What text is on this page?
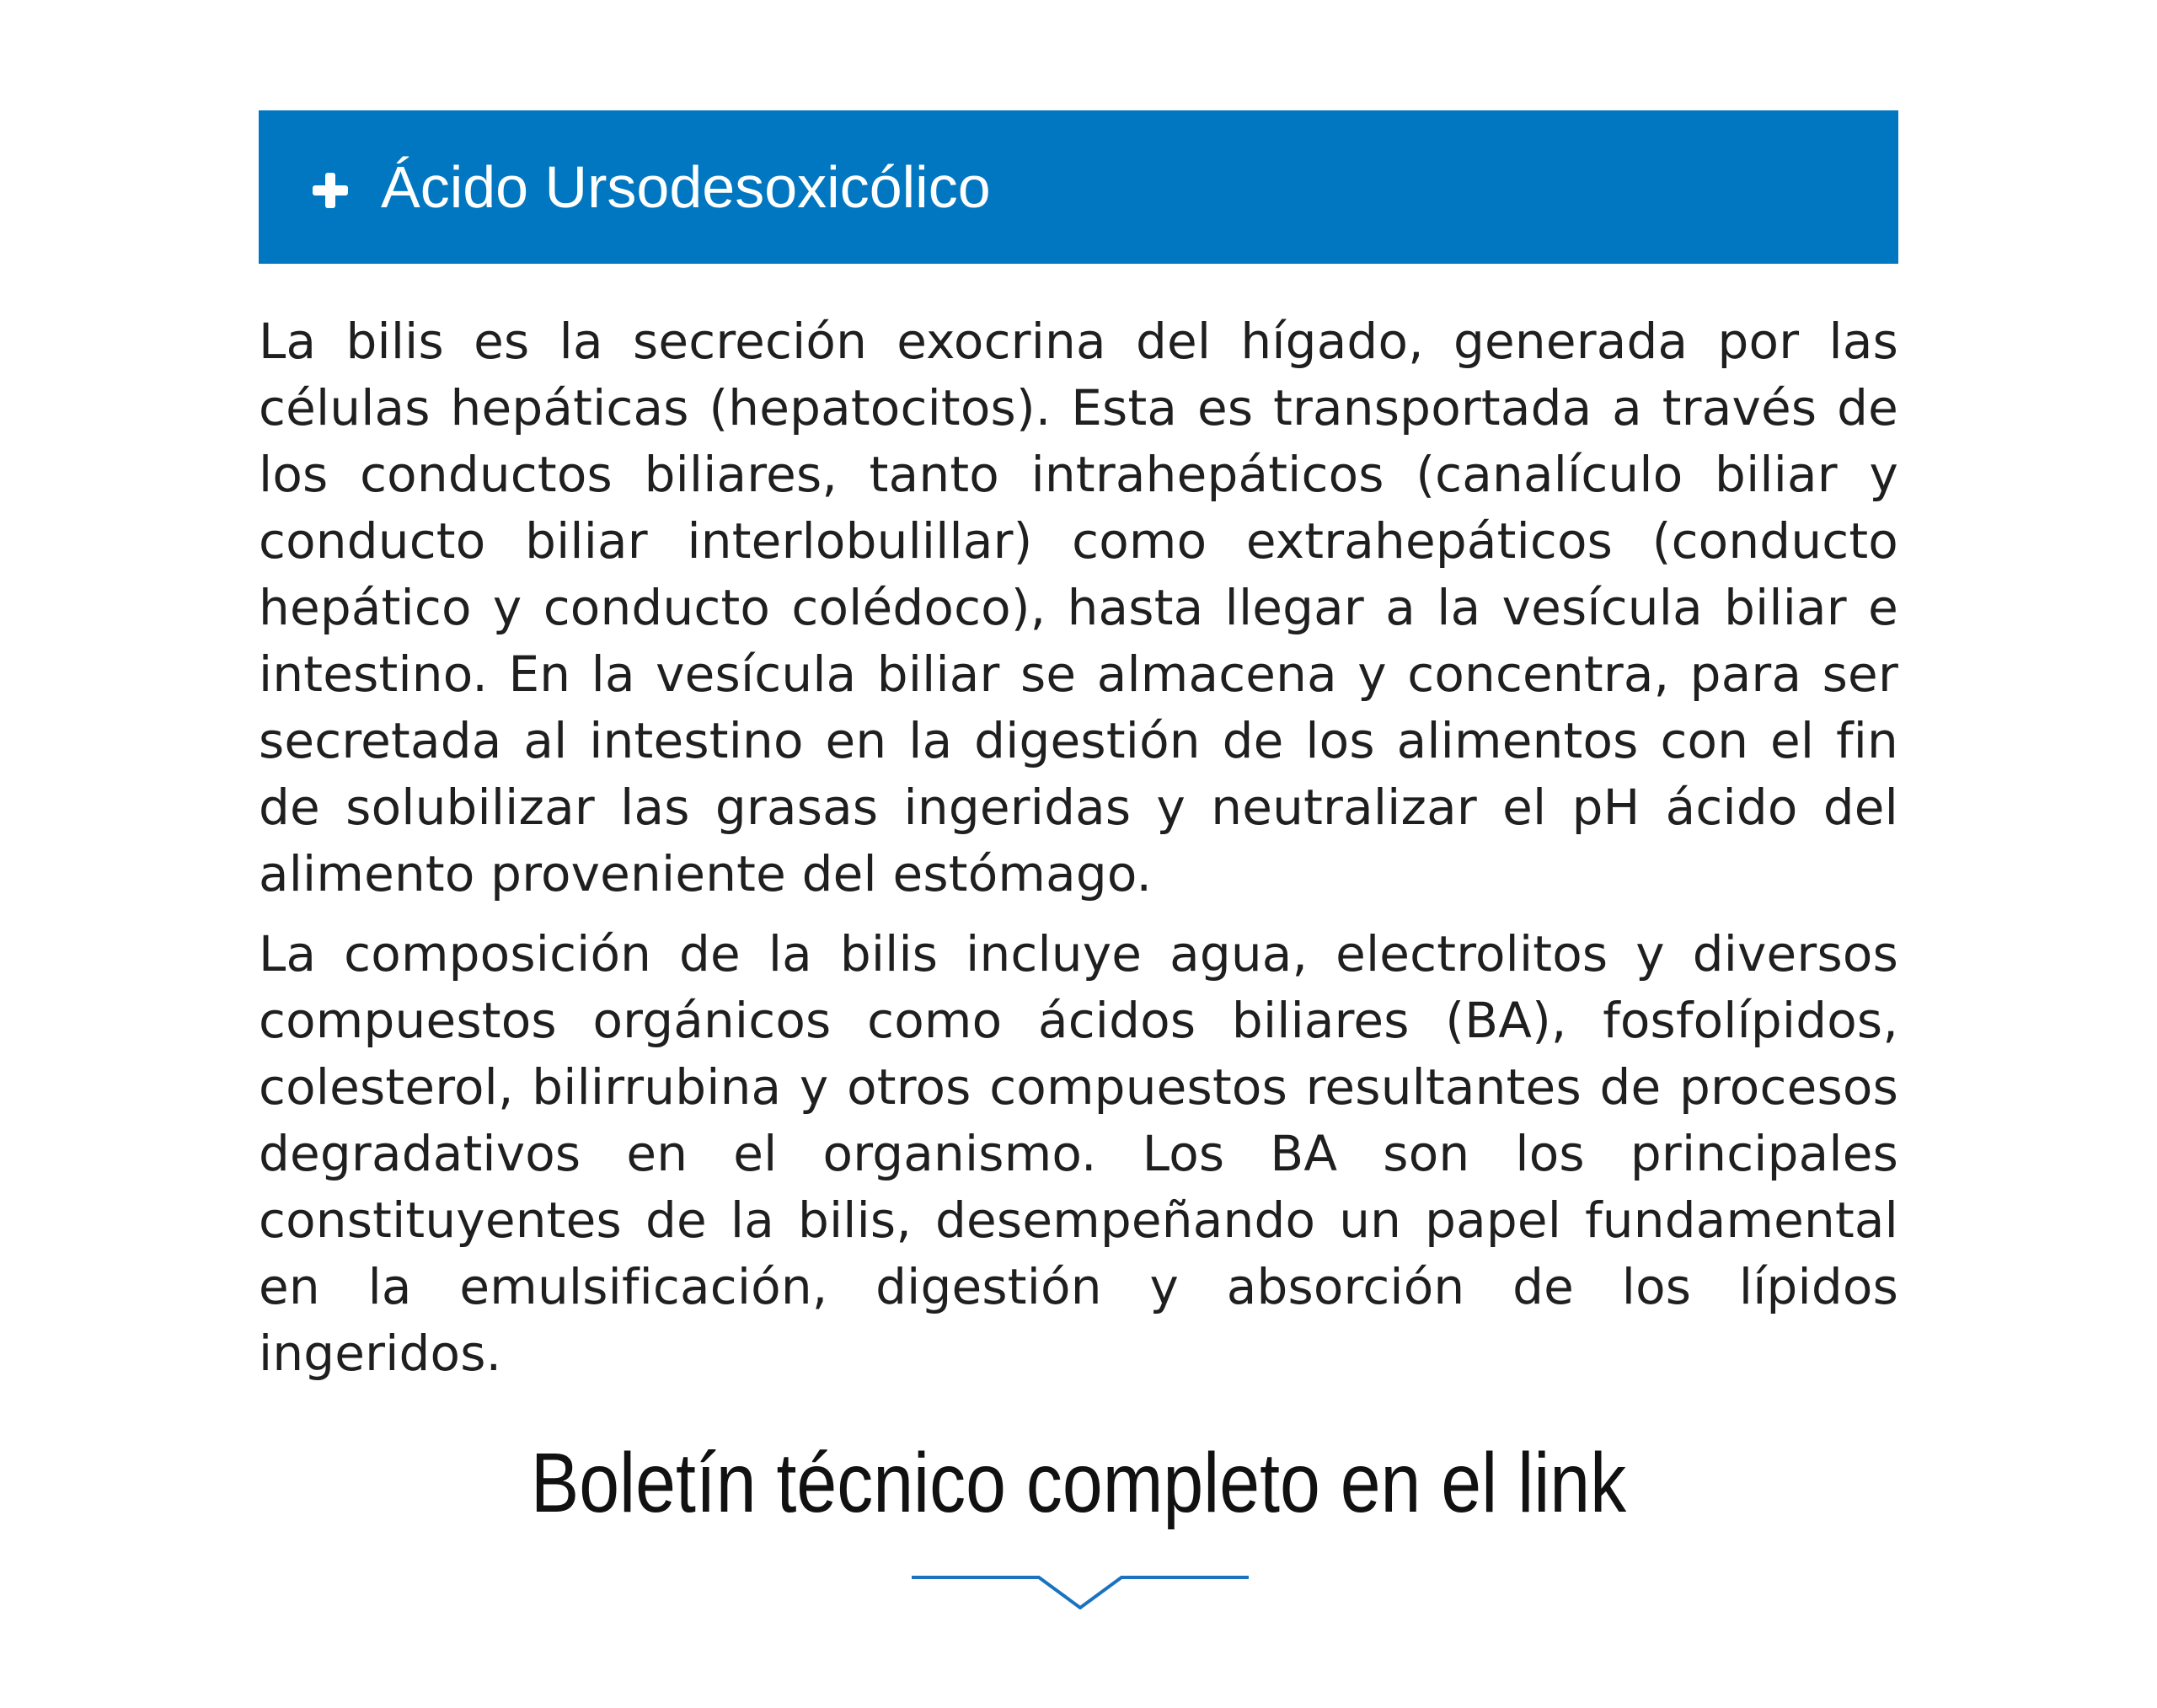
Ácido Ursodesoxicólico

La bilis es la secreción exocrina del hígado, generada por las células hepáticas (hepatocitos). Esta es transportada a través de los conductos biliares, tanto intrahepáticos (canalículo biliar y conducto biliar interlobulillar) como extrahepáticos (conducto hepático y conducto colédoco), hasta llegar a la vesícula biliar e intestino. En la vesícula biliar se almacena y concentra, para ser secretada al intestino en la digestión de los alimentos con el fin de solubilizar las grasas ingeridas y neutralizar el pH ácido del alimento proveniente del estómago.

La composición de la bilis incluye agua, electrolitos y diversos compuestos orgánicos como ácidos biliares (BA), fosfolípidos, colesterol, bilirrubina y otros compuestos resultantes de procesos degradativos en el organismo. Los BA son los principales constituyentes de la bilis, desempeñando un papel fundamental en la emulsificación, digestión y absorción de los lípidos ingeridos.

Boletín técnico completo en el link
